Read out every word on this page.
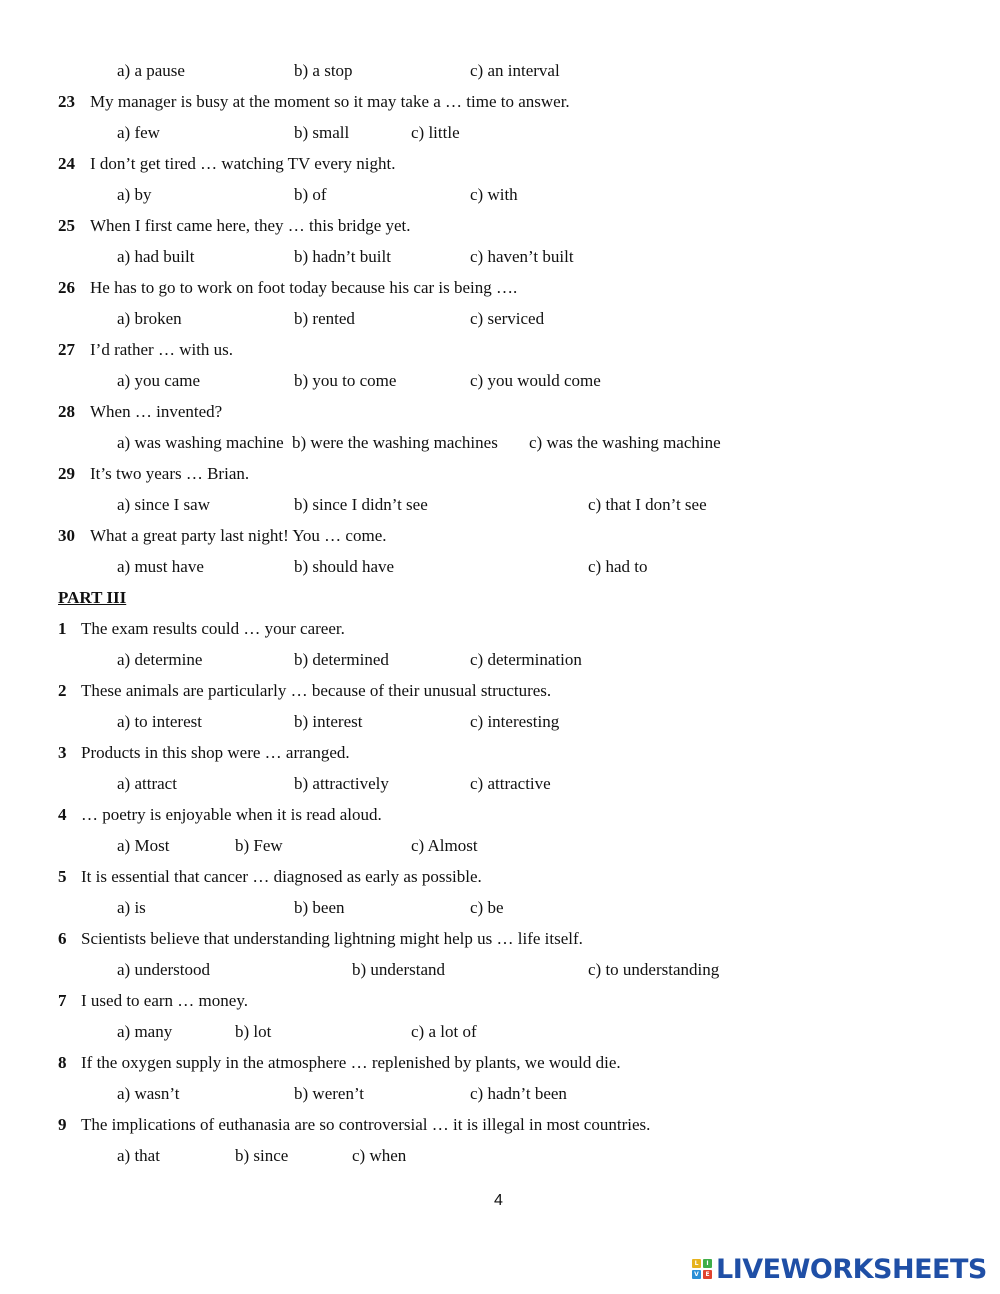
a) a pause	b) a stop	c) an interval
23 My manager is busy at the moment so it may take a … time to answer.
a) few	b) small	c) little
24 I don’t get tired … watching TV every night.
a) by	b) of	c) with
25 When I first came here, they … this bridge yet.
a) had built	b) hadn’t built	c) haven’t built
26 He has to go to work on foot today because his car is being ….
a) broken	b) rented	c) serviced
27 I’d rather … with us.
a) you came	b) you to come	c) you would come
28 When … invented?
a) was washing machine b) were the washing machines c) was the washing machine
29 It’s two years … Brian.
a) since I saw	b) since I didn’t see	c) that I don’t see
30 What a great party last night! You … come.
a) must have	b) should have	c) had to
PART III
1 The exam results could … your career.
a) determine	b) determined	c) determination
2 These animals are particularly … because of their unusual structures.
a) to interest	b) interest	c) interesting
3 Products in this shop were … arranged.
a) attract	b) attractively	c) attractive
4 … poetry is enjoyable when it is read aloud.
a) Most	b) Few	c) Almost
5 It is essential that cancer … diagnosed as early as possible.
a) is	b) been	c) be
6 Scientists believe that understanding lightning might help us … life itself.
a) understood	b) understand	c) to understanding
7 I used to earn … money.
a) many	b) lot	c) a lot of
8 If the oxygen supply in the atmosphere … replenished by plants, we would die.
a) wasn’t	b) weren’t	c) hadn’t been
9 The implications of euthanasia are so controversial … it is illegal in most countries.
a) that	b) since	c) when
4
L	I
V	E LIVEWORKSHEETS
